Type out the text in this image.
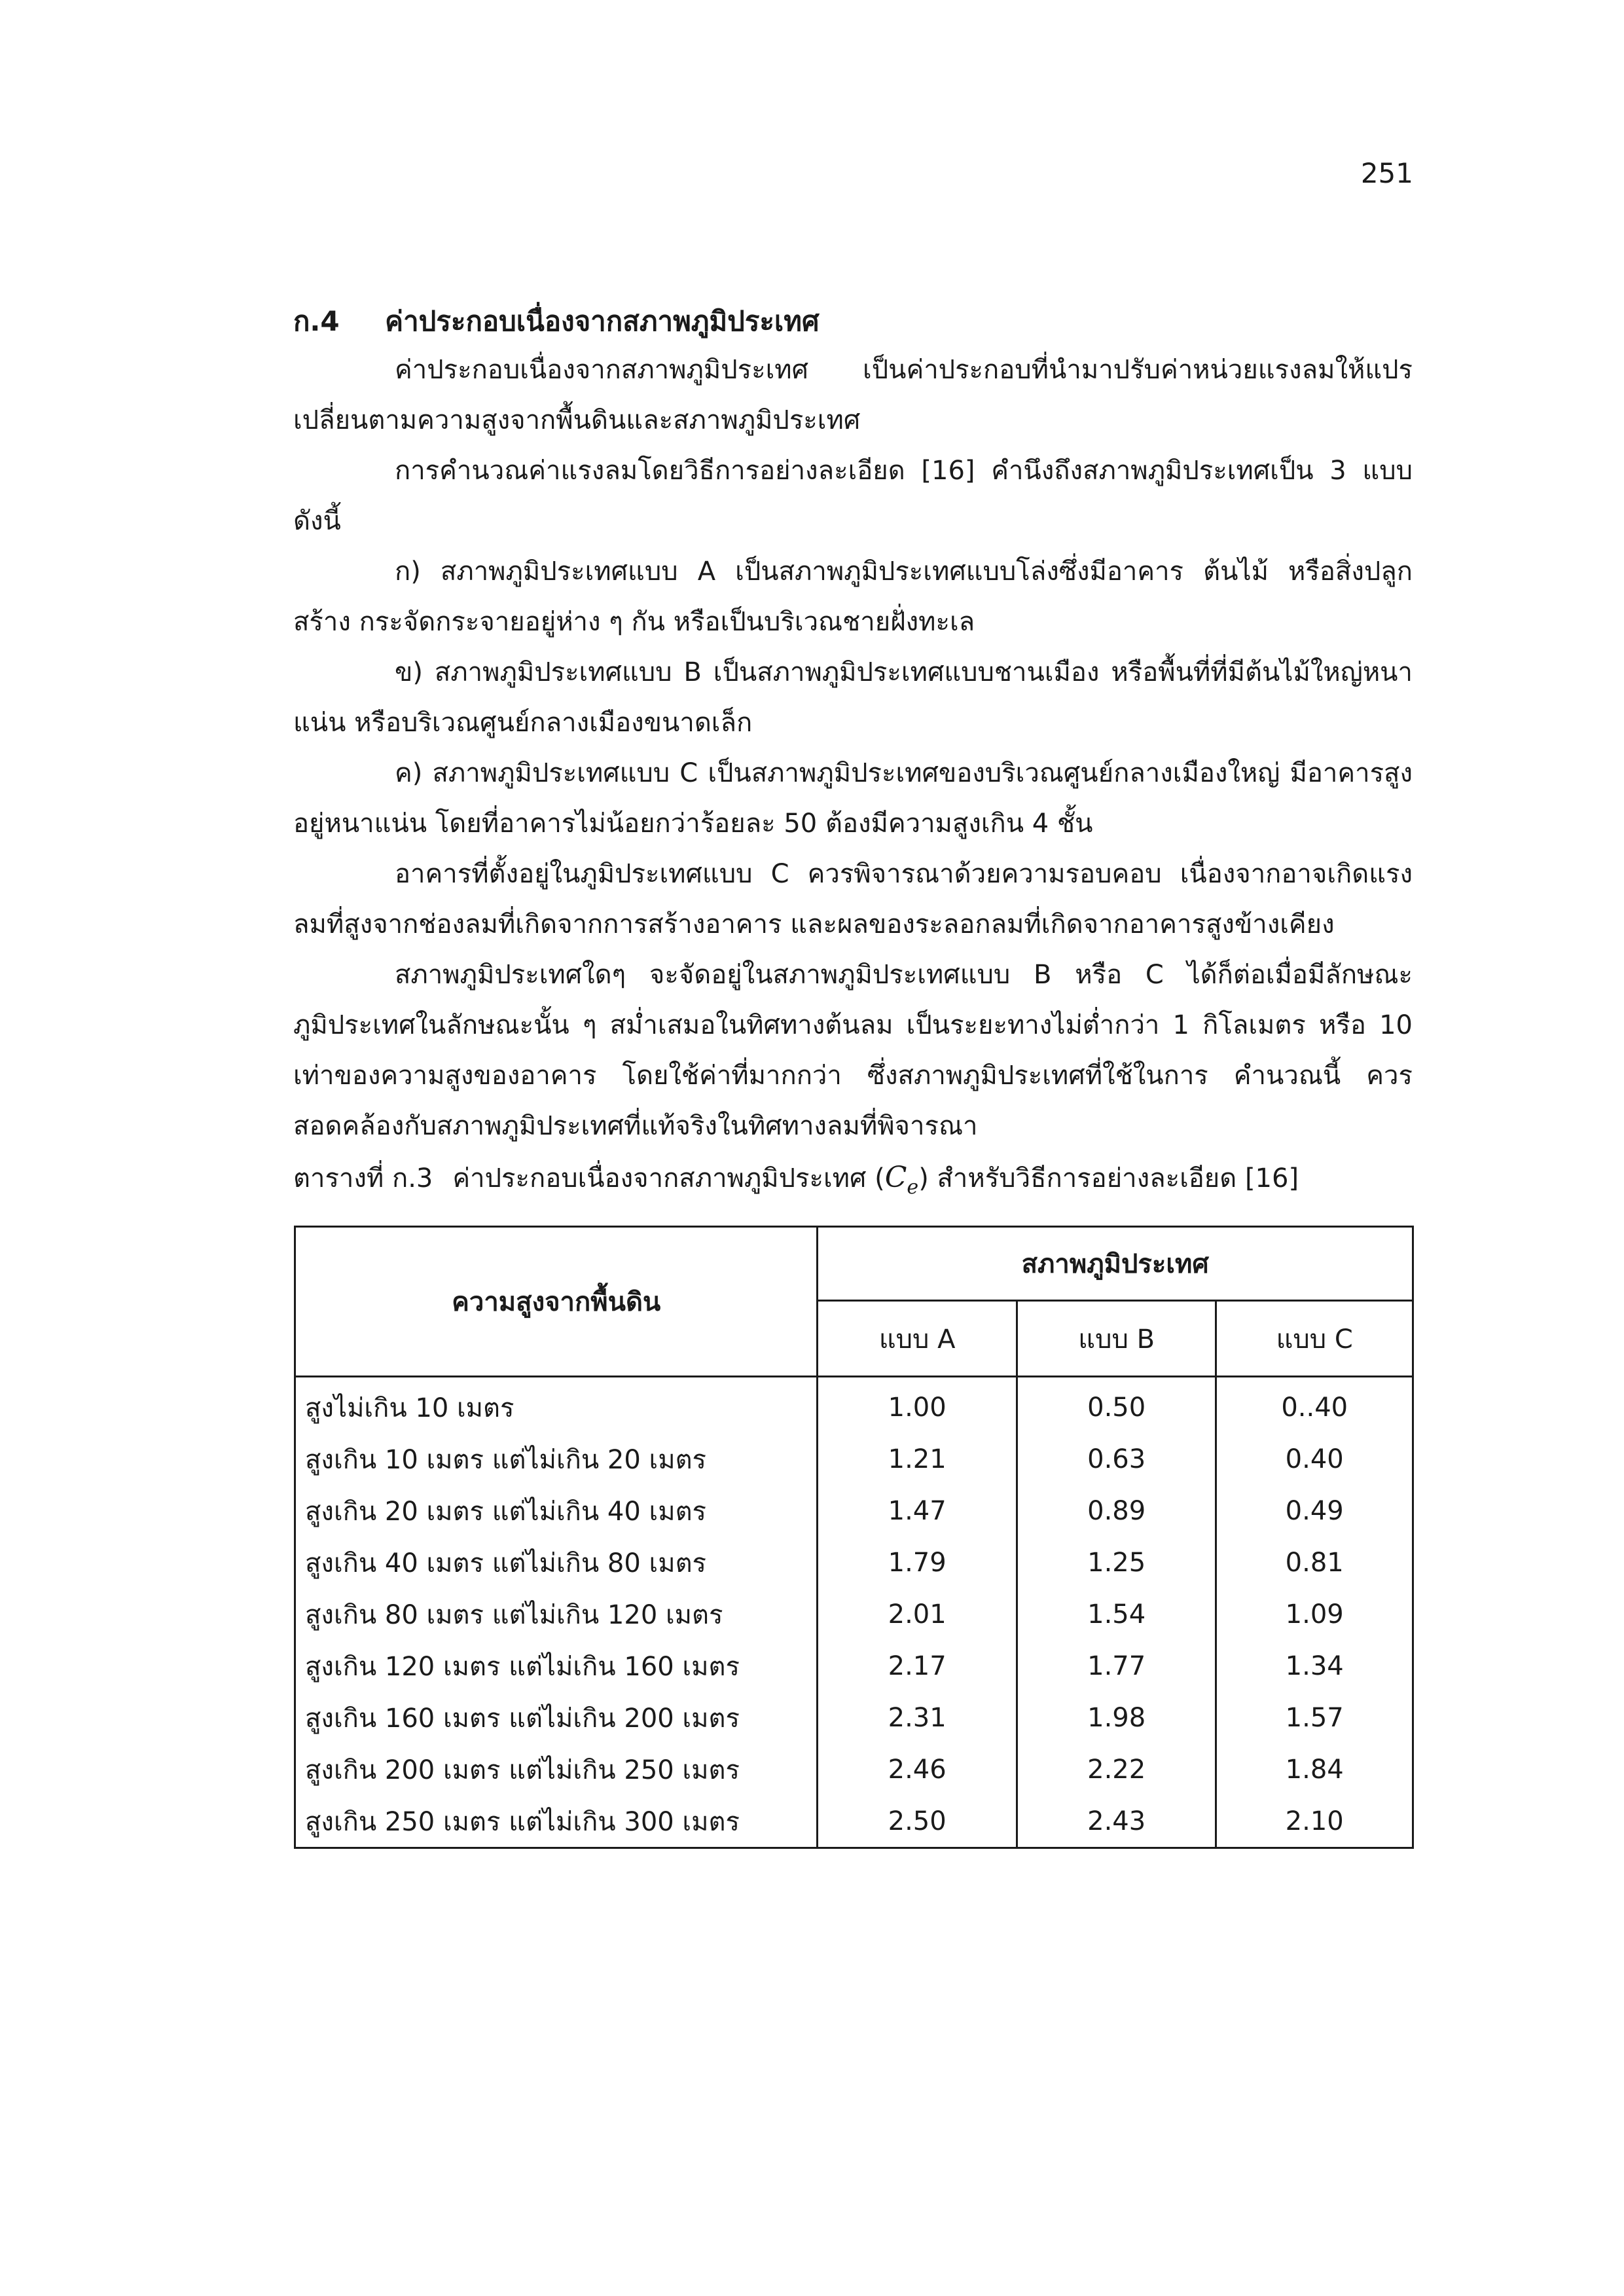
251
ก.4 ค่าประกอบเนื่องจากสภาพภูมิประเทศ

ค่าประกอบเนื่องจากสภาพภูมิประเทศ เป็นค่าประกอบที่นำมาปรับค่าหน่วยแรงลมให้แปรเปลี่ยนตามความสูงจากพื้นดินและสภาพภูมิประเทศ

การคำนวณค่าแรงลมโดยวิธีการอย่างละเอียด [16] คำนึงถึงสภาพภูมิประเทศเป็น 3 แบบ ดังนี้

ก) สภาพภูมิประเทศแบบ A เป็นสภาพภูมิประเทศแบบโล่งซึ่งมีอาคาร ต้นไม้ หรือสิ่งปลูกสร้าง กระจัดกระจายอยู่ห่าง ๆ กัน หรือเป็นบริเวณชายฝั่งทะเล

ข) สภาพภูมิประเทศแบบ B เป็นสภาพภูมิประเทศแบบชานเมือง หรือพื้นที่ที่มีต้นไม้ใหญ่หนาแน่น หรือบริเวณศูนย์กลางเมืองขนาดเล็ก

ค) สภาพภูมิประเทศแบบ C เป็นสภาพภูมิประเทศของบริเวณศูนย์กลางเมืองใหญ่ มีอาคารสูงอยู่หนาแน่น โดยที่อาคารไม่น้อยกว่าร้อยละ 50 ต้องมีความสูงเกิน 4 ชั้น

อาคารที่ตั้งอยู่ในภูมิประเทศแบบ C ควรพิจารณาด้วยความรอบคอบ เนื่องจากอาจเกิดแรงลมที่สูงจากช่องลมที่เกิดจากการสร้างอาคาร และผลของระลอกลมที่เกิดจากอาคารสูงข้างเคียง

สภาพภูมิประเทศใดๆ จะจัดอยู่ในสภาพภูมิประเทศแบบ B หรือ C ได้ก็ต่อเมื่อมีลักษณะภูมิประเทศในลักษณะนั้น ๆ สม่ำเสมอในทิศทางต้นลม เป็นระยะทางไม่ต่ำกว่า 1 กิโลเมตร หรือ 10 เท่าของความสูงของอาคาร โดยใช้ค่าที่มากกว่า ซึ่งสภาพภูมิประเทศที่ใช้ในการ คำนวณนี้ ควรสอดคล้องกับสภาพภูมิประเทศที่แท้จริงในทิศทางลมที่พิจารณา

ตารางที่ ก.3 ค่าประกอบเนื่องจากสภาพภูมิประเทศ $(C_e)$ สำหรับวิธีการอย่างละเอียด [16]
ความสูงจากพื้นดิน	สภาพภูมิประเทศ		
	แบบ A	แบบ B	แบบ C
สูงไม่เกิน 10 เมตร	1.00	0.50	0..40
สูงเกิน 10 เมตร แต่ไม่เกิน 20 เมตร	1.21	0.63	0.40
สูงเกิน 20 เมตร แต่ไม่เกิน 40 เมตร	1.47	0.89	0.49
สูงเกิน 40 เมตร แต่ไม่เกิน 80 เมตร	1.79	1.25	0.81
สูงเกิน 80 เมตร แต่ไม่เกิน 120 เมตร	2.01	1.54	1.09
สูงเกิน 120 เมตร แต่ไม่เกิน 160 เมตร	2.17	1.77	1.34
สูงเกิน 160 เมตร แต่ไม่เกิน 200 เมตร	2.31	1.98	1.57
สูงเกิน 200 เมตร แต่ไม่เกิน 250 เมตร	2.46	2.22	1.84
สูงเกิน 250 เมตร แต่ไม่เกิน 300 เมตร	2.50	2.43	2.10
